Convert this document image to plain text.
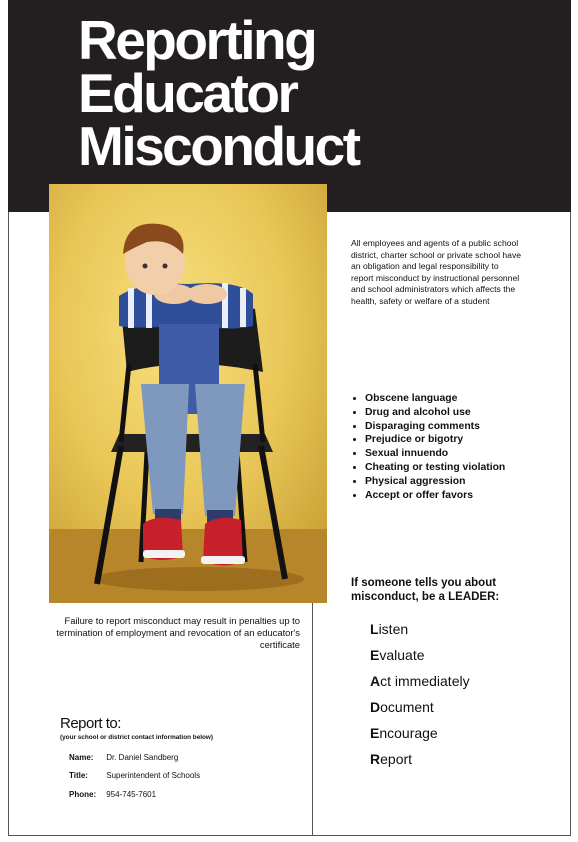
Reporting
Educator
Misconduct

All employees and agents of a public school district, charter school or private school have an obligation and legal responsibility to report misconduct by instructional personnel and school administrators which affects the health, safety or welfare of a student

• Obscene language
• Drug and alcohol use
• Disparaging comments
• Prejudice or bigotry
• Sexual innuendo
• Cheating or testing violation
• Physical aggression
• Accept or offer favors

If someone tells you about misconduct, be a LEADER:

Listen
Evaluate
Act immediately
Document
Encourage
Report

Failure to report misconduct may result in penalties up to termination of employment and revocation of an educator's certificate

Report to:

(your school or district contact information below)

Name: Dr. Daniel Sandberg
Title: Superintendent of Schools
Phone: 954-745-7601
